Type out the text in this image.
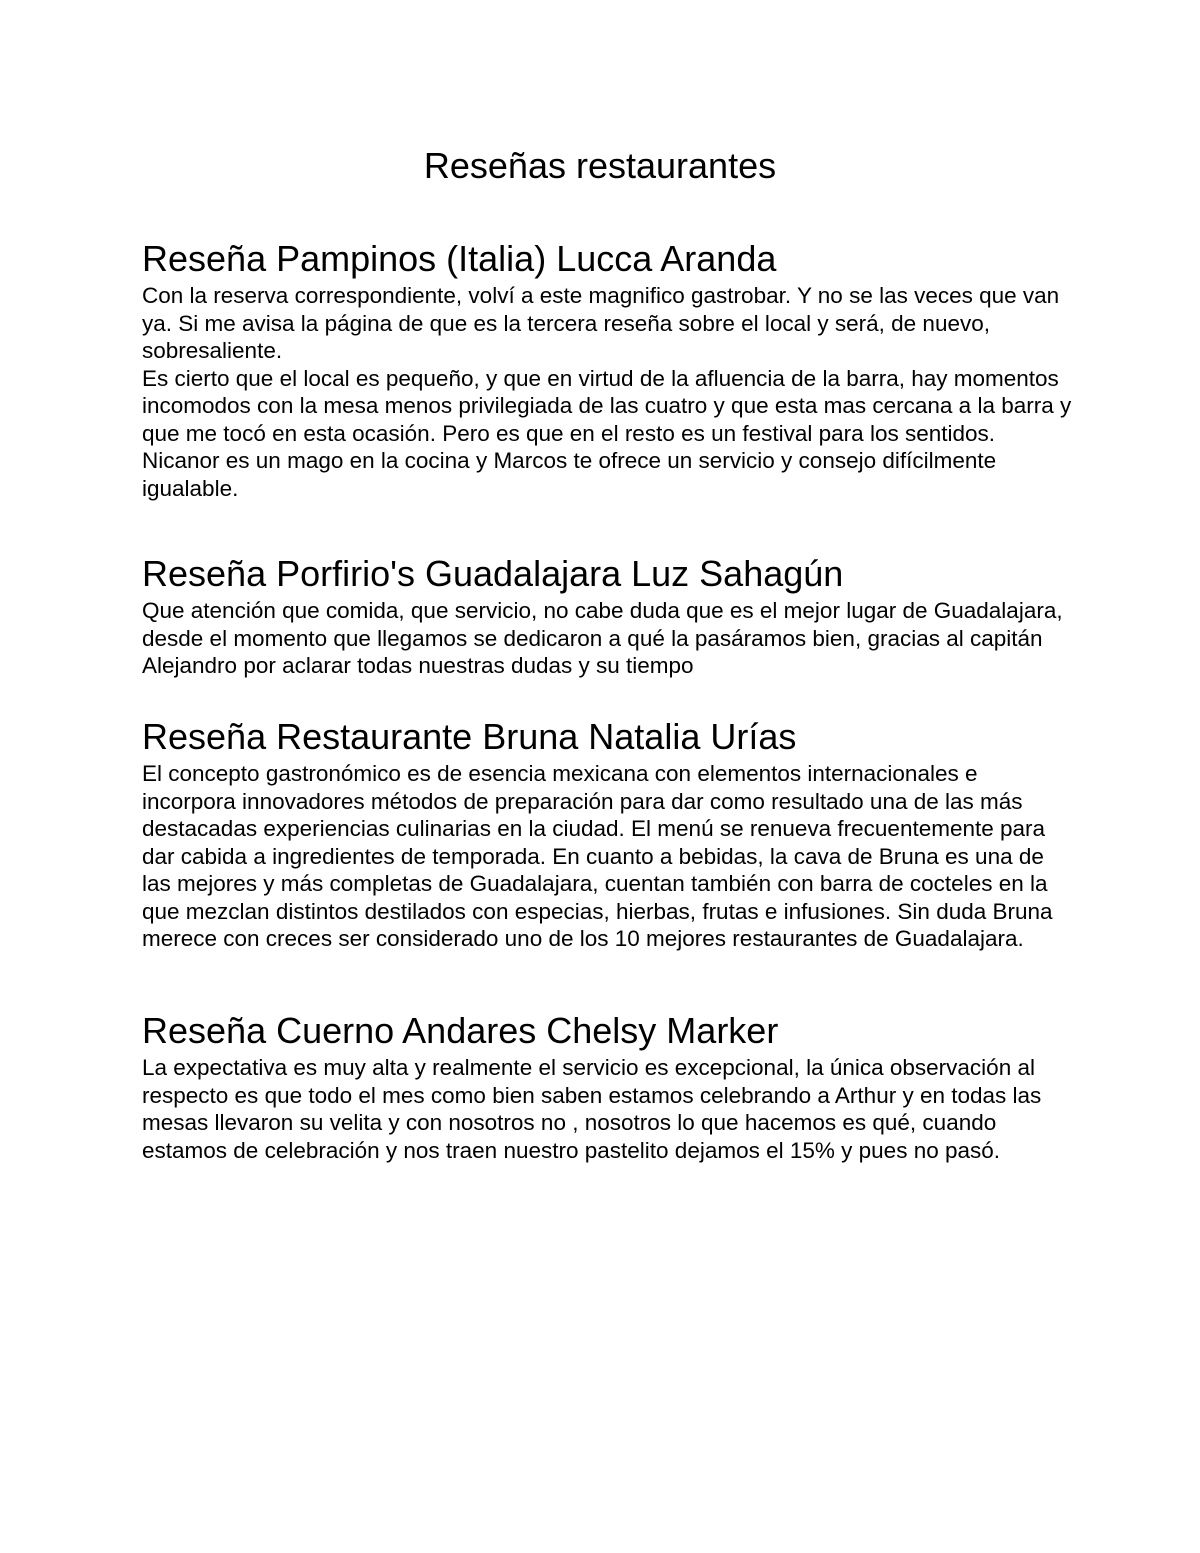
Reseñas restaurantes
Reseña Pampinos (Italia) Lucca Aranda

Con la reserva correspondiente, volví a este magnifico gastrobar. Y no se las veces que van ya. Si me avisa la página de que es la tercera reseña sobre el local y será, de nuevo, sobresaliente.

Es cierto que el local es pequeño, y que en virtud de la afluencia de la barra, hay momentos incomodos con la mesa menos privilegiada de las cuatro y que esta mas cercana a la barra y que me tocó en esta ocasión. Pero es que en el resto es un festival para los sentidos. Nicanor es un mago en la cocina y Marcos te ofrece un servicio y consejo difícilmente igualable.

Reseña Porfirio's Guadalajara Luz Sahagún

Que atención que comida, que servicio, no cabe duda que es el mejor lugar de Guadalajara, desde el momento que llegamos se dedicaron a qué la pasáramos bien, gracias al capitán Alejandro por aclarar todas nuestras dudas y su tiempo

Reseña Restaurante Bruna Natalia Urías

El concepto gastronómico es de esencia mexicana con elementos internacionales e incorpora innovadores métodos de preparación para dar como resultado una de las más destacadas experiencias culinarias en la ciudad. El menú se renueva frecuentemente para dar cabida a ingredientes de temporada. En cuanto a bebidas, la cava de Bruna es una de las mejores y más completas de Guadalajara, cuentan también con barra de cocteles en la que mezclan distintos destilados con especias, hierbas, frutas e infusiones. Sin duda Bruna merece con creces ser considerado uno de los 10 mejores restaurantes de Guadalajara.

Reseña Cuerno Andares Chelsy Marker

La expectativa es muy alta y realmente el servicio es excepcional, la única observación al respecto es que todo el mes como bien saben estamos celebrando a Arthur y en todas las mesas llevaron su velita y con nosotros no , nosotros lo que hacemos es qué, cuando estamos de celebración y nos traen nuestro pastelito dejamos el 15% y pues no pasó.
